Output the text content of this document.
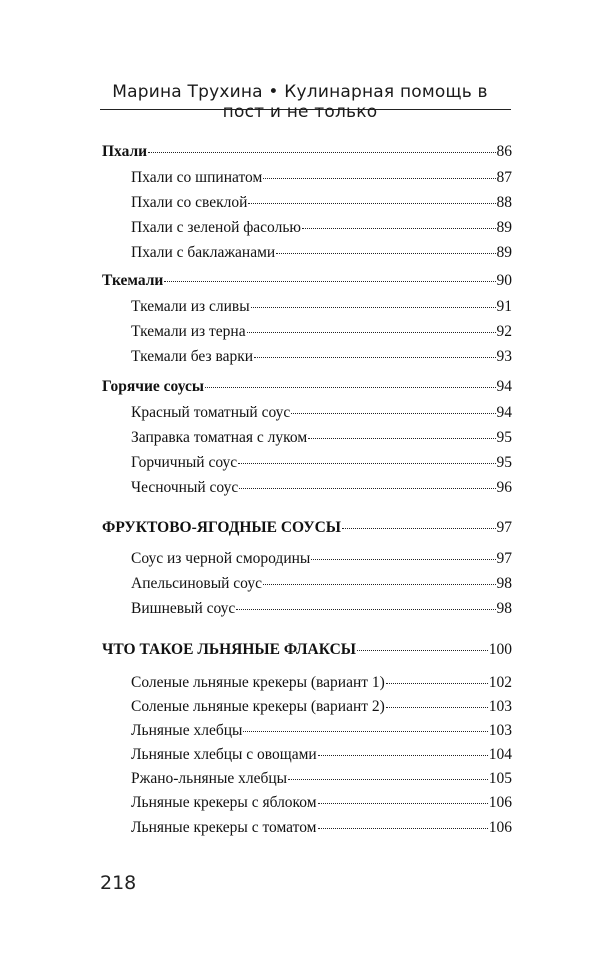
Марина Трухина • Кулинарная помощь в пост и не только
Пхали	86
Пхали со шпинатом	87
Пхали со свеклой	88
Пхали с зеленой фасолью	89
Пхали с баклажанами	89
Ткемали	90
Ткемали из сливы	91
Ткемали из терна	92
Ткемали без варки	93
Горячие соусы	94
Красный томатный соус	94
Заправка томатная с луком	95
Горчичный соус	95
Чесночный соус	96
ФРУКТОВО-ЯГОДНЫЕ СОУСЫ	97
Соус из черной смородины	97
Апельсиновый соус	98
Вишневый соус	98
ЧТО ТАКОЕ ЛЬНЯНЫЕ ФЛАКСЫ	100
Соленые льняные крекеры (вариант 1)	102
Соленые льняные крекеры (вариант 2)	103
Льняные хлебцы	103
Льняные хлебцы с овощами	104
Ржано-льняные хлебцы	105
Льняные крекеры с яблоком	106
Льняные крекеры с томатом	106
218
